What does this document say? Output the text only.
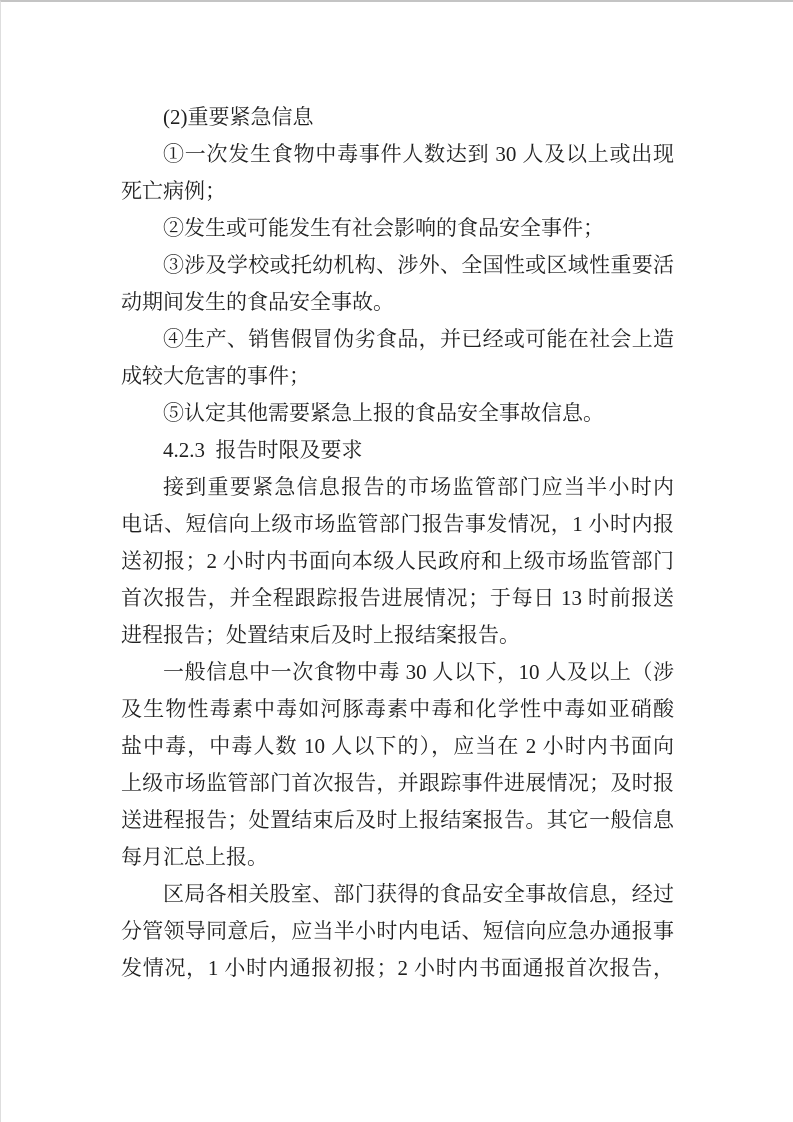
(2)重要紧急信息
①一次发生食物中毒事件人数达到 30 人及以上或出现
死亡病例；
②发生或可能发生有社会影响的食品安全事件；
③涉及学校或托幼机构、涉外、全国性或区域性重要活
动期间发生的食品安全事故。
④生产、销售假冒伪劣食品，并已经或可能在社会上造
成较大危害的事件；
⑤认定其他需要紧急上报的食品安全事故信息。
4.2.3 报告时限及要求
接到重要紧急信息报告的市场监管部门应当半小时内
电话、短信向上级市场监管部门报告事发情况，1 小时内报
送初报；2 小时内书面向本级人民政府和上级市场监管部门
首次报告，并全程跟踪报告进展情况；于每日 13 时前报送
进程报告；处置结束后及时上报结案报告。
一般信息中一次食物中毒 30 人以下，10 人及以上（涉
及生物性毒素中毒如河豚毒素中毒和化学性中毒如亚硝酸
盐中毒，中毒人数 10 人以下的），应当在 2 小时内书面向
上级市场监管部门首次报告，并跟踪事件进展情况；及时报
送进程报告；处置结束后及时上报结案报告。其它一般信息
每月汇总上报。
区局各相关股室、部门获得的食品安全事故信息，经过
分管领导同意后，应当半小时内电话、短信向应急办通报事
发情况，1 小时内通报初报；2 小时内书面通报首次报告，
